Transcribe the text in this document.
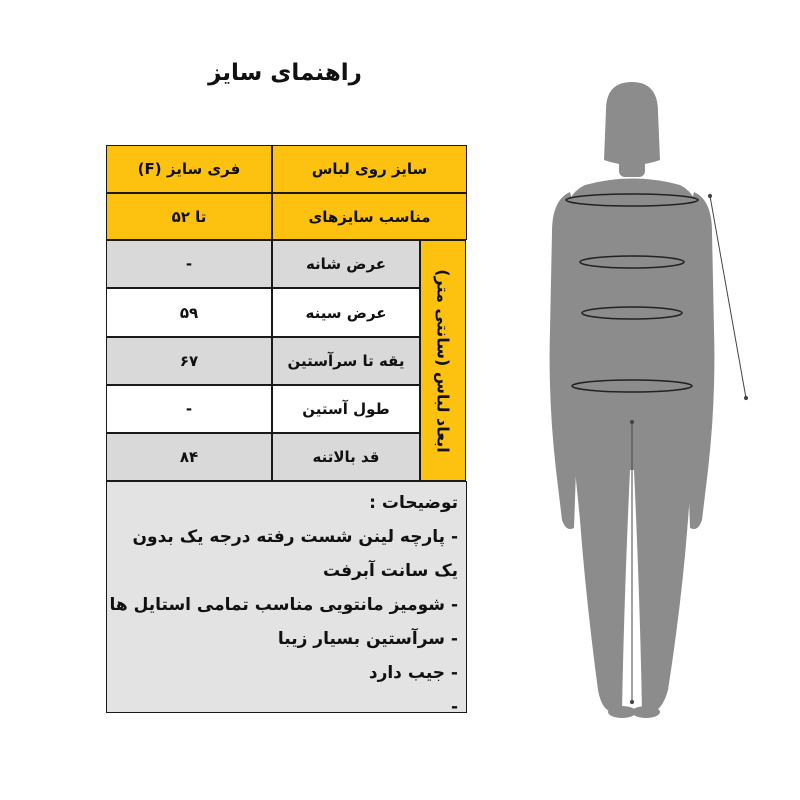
راهنمای سایز
سایز روی لباس
فری سایز (F)
مناسب سایزهای
تا ۵۲
ابعاد لباس (سانتی متر)
عرض شانه
-
عرض سینه
۵۹
یقه تا سرآستین
۶۷
طول آستین
-
قد بالاتنه
۸۴
توضیحات :
- پارچه لینن شست رفته درجه یک بدون
یک سانت آبرفت
- شومیز مانتویی مناسب تمامی استایل ها
- سرآستین بسیار زیبا
- جیب دارد
-
